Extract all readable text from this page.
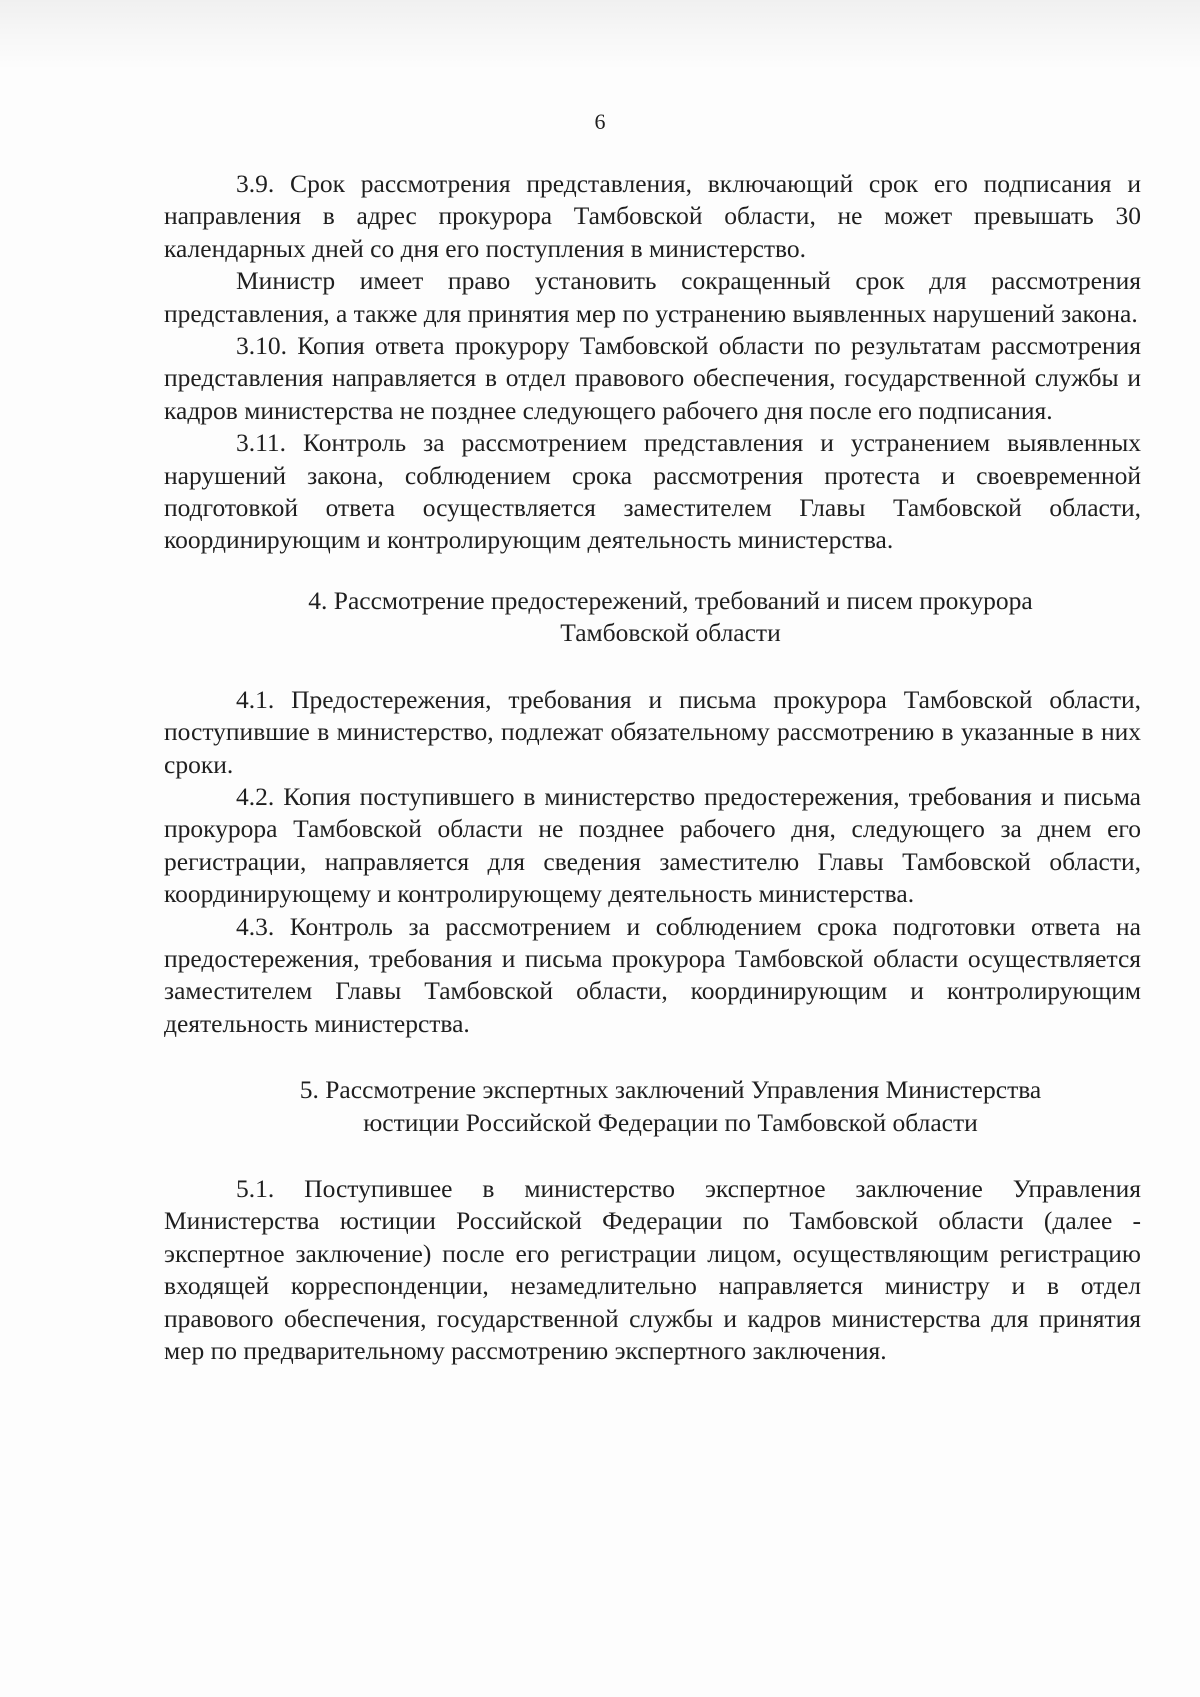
6

3.9. Срок рассмотрения представления, включающий срок его подписания и направления в адрес прокурора Тамбовской области, не может превышать 30 календарных дней со дня его поступления в министерство.

Министр имеет право установить сокращенный срок для рассмотрения представления, а также для принятия мер по устранению выявленных нарушений закона.

3.10. Копия ответа прокурору Тамбовской области по результатам рассмотрения представления направляется в отдел правового обеспечения, государственной службы и кадров министерства не позднее следующего рабочего дня после его подписания.

3.11. Контроль за рассмотрением представления и устранением выявленных нарушений закона, соблюдением срока рассмотрения протеста и своевременной подготовкой ответа осуществляется заместителем Главы Тамбовской области, координирующим и контролирующим деятельность министерства.

4. Рассмотрение предостережений, требований и писем прокурора
Тамбовской области

4.1. Предостережения, требования и письма прокурора Тамбовской области, поступившие в министерство, подлежат обязательному рассмотрению в указанные в них сроки.

4.2. Копия поступившего в министерство предостережения, требования и письма прокурора Тамбовской области не позднее рабочего дня, следующего за днем его регистрации, направляется для сведения заместителю Главы Тамбовской области, координирующему и контролирующему деятельность министерства.

4.3. Контроль за рассмотрением и соблюдением срока подготовки ответа на предостережения, требования и письма прокурора Тамбовской области осуществляется заместителем Главы Тамбовской области, координирующим и контролирующим деятельность министерства.

5. Рассмотрение экспертных заключений Управления Министерства
юстиции Российской Федерации по Тамбовской области

5.1. Поступившее в министерство экспертное заключение Управления Министерства юстиции Российской Федерации по Тамбовской области (далее - экспертное заключение) после его регистрации лицом, осуществляющим регистрацию входящей корреспонденции, незамедлительно направляется министру и в отдел правового обеспечения, государственной службы и кадров министерства для принятия мер по предварительному рассмотрению экспертного заключения.
